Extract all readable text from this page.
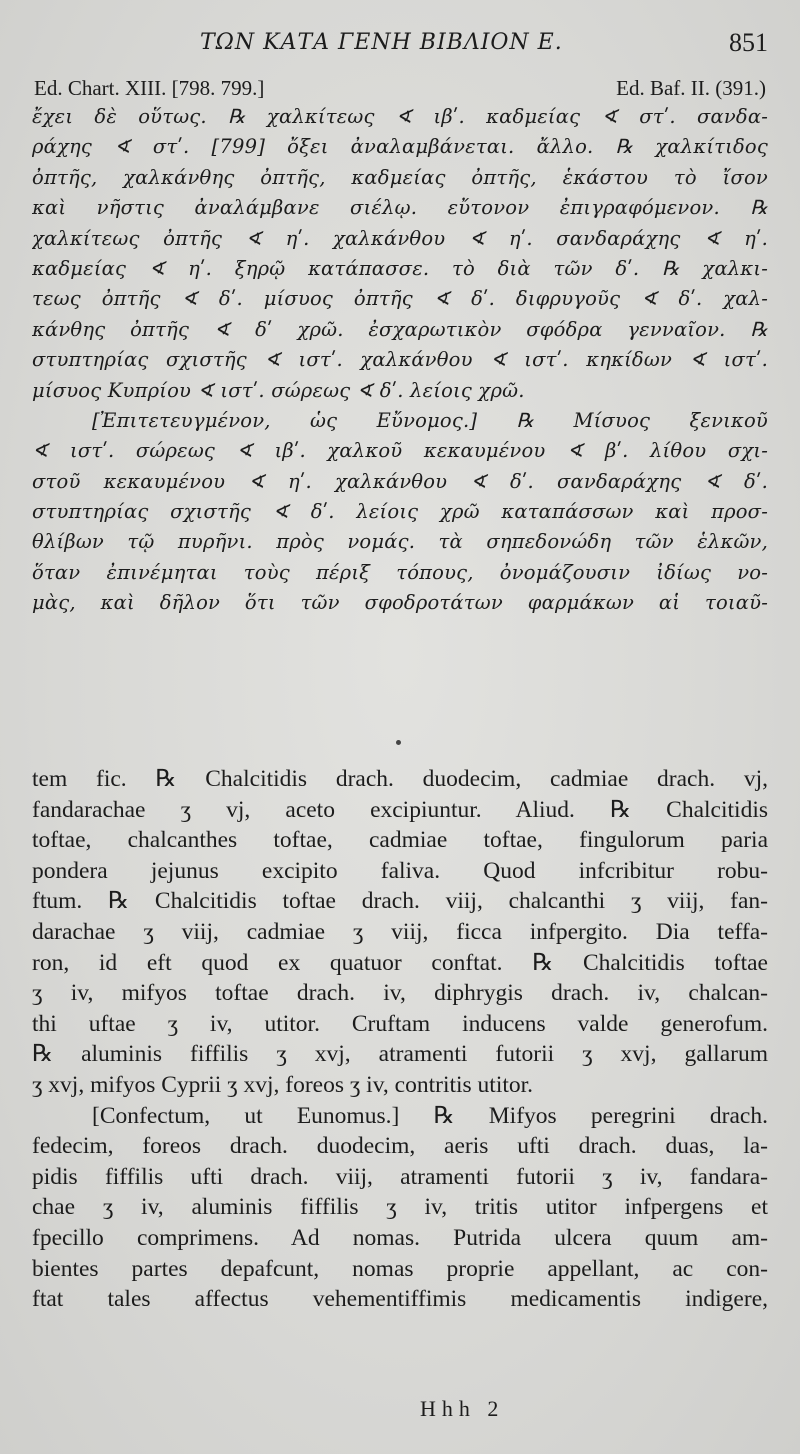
ΤΩΝ ΚΑΤΑ ΓΕΝΗ ΒΙΒΛΙΟΝ Ε.	851
Ed. Chart. XIII. [798. 799.]	Ed. Baf. II. (391.)
ἔχει δὲ οὕτως. ℞ χαλκίτεως ∢ ιβʹ. καδμείας ∢ στʹ. σανδα-
ράχης ∢ στʹ. [799] ὄξει ἀναλαμβάνεται. ἄλλο. ℞ χαλκίτιδος
ὀπτῆς, χαλκάνθης ὀπτῆς, καδμείας ὀπτῆς, ἑκάστου τὸ ἴσον
καὶ νῆστις ἀναλάμβανε σιέλῳ. εὔτονον ἐπιγραφόμενον. ℞
χαλκίτεως ὀπτῆς ∢ ηʹ. χαλκάνθου ∢ ηʹ. σανδαράχης ∢ ηʹ.
καδμείας ∢ ηʹ. ξηρῷ κατάπασσε. τὸ διὰ τῶν δʹ. ℞ χαλκι-
τεως ὀπτῆς ∢ δʹ. μίσυος ὀπτῆς ∢ δʹ. διφρυγοῦς ∢ δʹ. χαλ-
κάνθης ὀπτῆς ∢ δʹ χρῶ. ἐσχαρωτικὸν σφόδρα γενναῖον. ℞
στυπτηρίας σχιστῆς ∢ ιστʹ. χαλκάνθου ∢ ιστʹ. κηκίδων ∢ ιστʹ.
μίσυος Κυπρίου ∢ ιστʹ. σώρεως ∢ δʹ. λείοις χρῶ.
[Ἐπιτετευγμένον, ὡς Εὔνομος.] ℞ Μίσυος ξενικοῦ
∢ ιστʹ. σώρεως ∢ ιβʹ. χαλκοῦ κεκαυμένου ∢ βʹ. λίθου σχι-
στοῦ κεκαυμένου ∢ ηʹ. χαλκάνθου ∢ δʹ. σανδαράχης ∢ δʹ.
στυπτηρίας σχιστῆς ∢ δʹ. λείοις χρῶ καταπάσσων καὶ προσ-
θλίβων τῷ πυρῆνι. πρὸς νομάς. τὰ σηπεδονώδη τῶν ἑλκῶν,
ὅταν ἐπινέμηται τοὺς πέριξ τόπους, ὀνομάζουσιν ἰδίως νο-
μὰς, καὶ δῆλον ὅτι τῶν σφοδροτάτων φαρμάκων αἱ τοιαῦ-
tem fic. ℞ Chalcitidis drach. duodecim, cadmiae drach. vj,
fandarachae ʒ vj, aceto excipiuntur. Aliud. ℞ Chalcitidis
toftae, chalcanthes toftae, cadmiae toftae, fingulorum paria
pondera jejunus excipito faliva. Quod infcribitur robu-
ftum. ℞ Chalcitidis toftae drach. viij, chalcanthi ʒ viij, fan-
darachae ʒ viij, cadmiae ʒ viij, ficca infpergito. Dia teffa-
ron, id eft quod ex quatuor conftat. ℞ Chalcitidis toftae
ʒ iv, mifyos toftae drach. iv, diphrygis drach. iv, chalcan-
thi uftae ʒ iv, utitor. Cruftam inducens valde generofum.
℞ aluminis fiffilis ʒ xvj, atramenti futorii ʒ xvj, gallarum
ʒ xvj, mifyos Cyprii ʒ xvj, foreos ʒ iv, contritis utitor.
[Confectum, ut Eunomus.] ℞ Mifyos peregrini drach.
fedecim, foreos drach. duodecim, aeris ufti drach. duas, la-
pidis fiffilis ufti drach. viij, atramenti futorii ʒ iv, fandara-
chae ʒ iv, aluminis fiffilis ʒ iv, tritis utitor infpergens et
fpecillo comprimens. Ad nomas. Putrida ulcera quum am-
bientes partes depafcunt, nomas proprie appellant, ac con-
ftat tales affectus vehementiffimis medicamentis indigere,
Hhh 2
